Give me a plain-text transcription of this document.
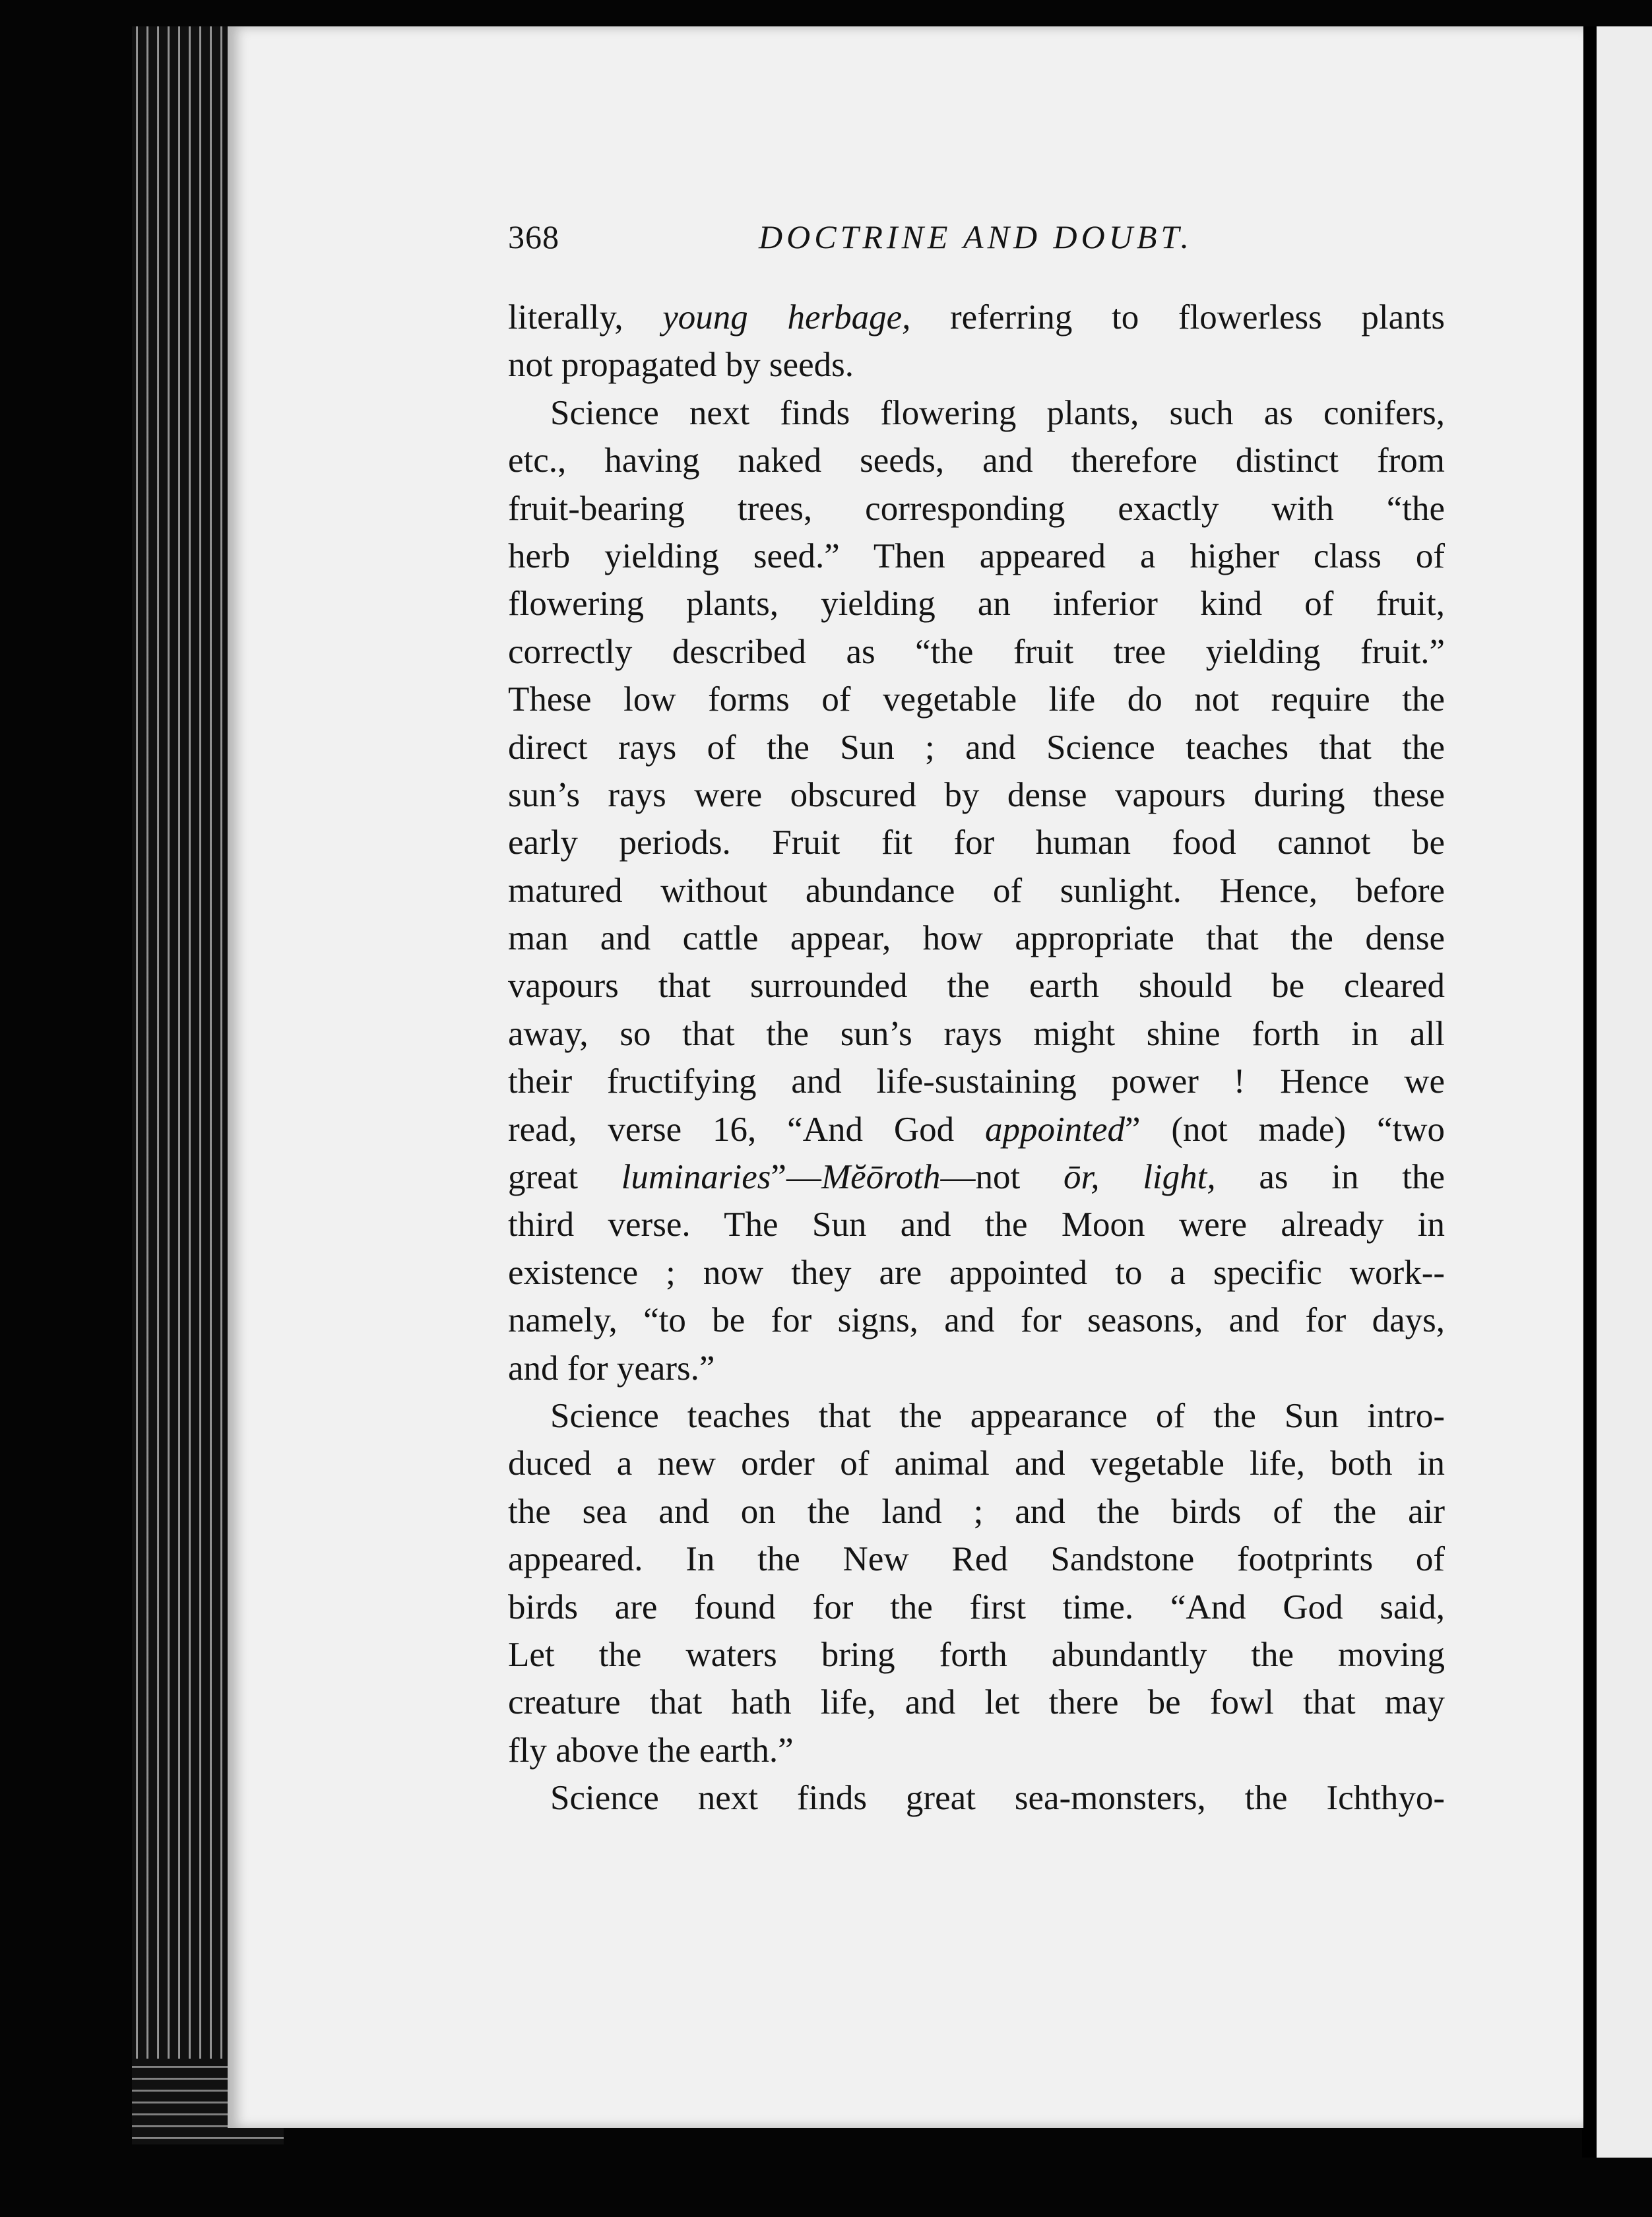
368	DOCTRINE AND DOUBT.
literally, young herbage, referring to flowerless plants
not propagated by seeds.
Science next finds flowering plants, such as conifers,
etc., having naked seeds, and therefore distinct from
fruit-bearing trees, corresponding exactly with “the
herb yielding seed.” Then appeared a higher class of
flowering plants, yielding an inferior kind of fruit,
correctly described as “the fruit tree yielding fruit.”
These low forms of vegetable life do not require the
direct rays of the Sun ; and Science teaches that the
sun’s rays were obscured by dense vapours during these
early periods. Fruit fit for human food cannot be
matured without abundance of sunlight. Hence, before
man and cattle appear, how appropriate that the dense
vapours that surrounded the earth should be cleared
away, so that the sun’s rays might shine forth in all
their fructifying and life-sustaining power ! Hence we
read, verse 16, “And God appointed” (not made) “two
great luminaries”—Mĕōroth—not ōr, light, as in the
third verse. The Sun and the Moon were already in
existence ; now they are appointed to a specific work--
namely, “to be for signs, and for seasons, and for days,
and for years.”
Science teaches that the appearance of the Sun intro-
duced a new order of animal and vegetable life, both in
the sea and on the land ; and the birds of the air
appeared. In the New Red Sandstone footprints of
birds are found for the first time. “And God said,
Let the waters bring forth abundantly the moving
creature that hath life, and let there be fowl that may
fly above the earth.”
Science next finds great sea-monsters, the Ichthyo-
